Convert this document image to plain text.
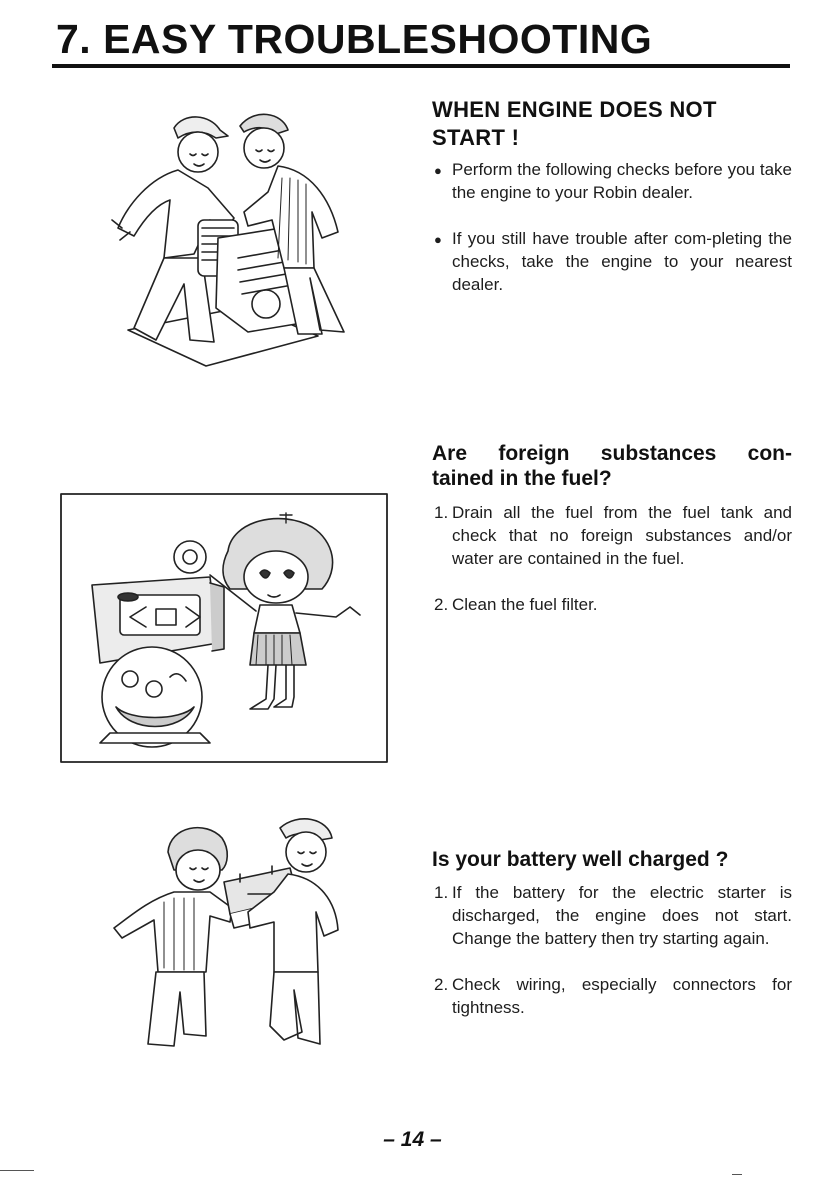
7. EASY TROUBLESHOOTING
WHEN ENGINE DOES NOT START !
● Perform the following checks before you take the engine to your Robin dealer.
● If you still have trouble after com-pleting the checks, take the engine to your nearest dealer.
Are foreign substances con-
tained in the fuel?
1. Drain all the fuel from the fuel tank and check that no foreign substances and/or water are contained in the fuel.
2. Clean the fuel filter.
Is your battery well charged ?
1. If the battery for the electric starter is discharged, the engine does not start. Change the battery then try starting again.
2. Check wiring, especially connectors for tightness.
– 14 –
